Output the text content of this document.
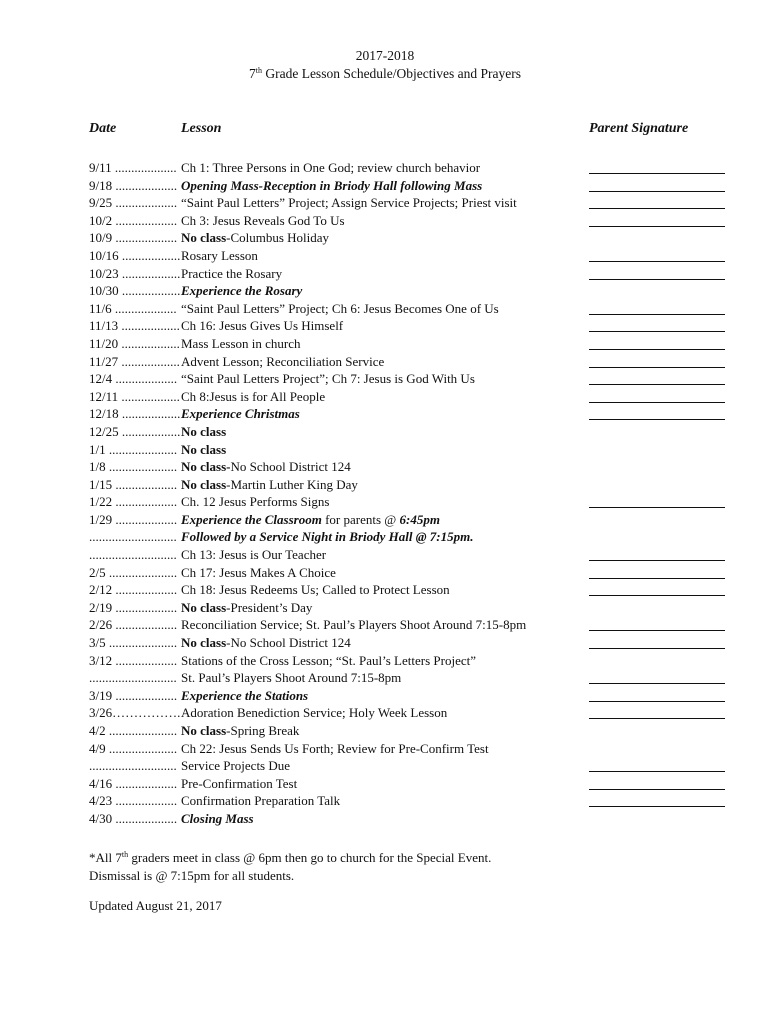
2017-2018
7th Grade Lesson Schedule/Objectives and Prayers
Date	Lesson	Parent Signature
9/11 ................... Ch 1: Three Persons in One God; review church behavior
9/18 ................... Opening Mass-Reception in Briody Hall following Mass
9/25 ................... “Saint Paul Letters” Project; Assign Service Projects; Priest visit
10/2 ................... Ch 3: Jesus Reveals God To Us
10/9 ................... No class-Columbus Holiday
10/16 .................. Rosary Lesson
10/23 .................. Practice the Rosary
10/30 .................. Experience the Rosary
11/6 ................... “Saint Paul Letters” Project; Ch 6: Jesus Becomes One of Us
11/13 .................. Ch 16: Jesus Gives Us Himself
11/20 .................. Mass Lesson in church
11/27 .................. Advent Lesson; Reconciliation Service
12/4 ................... “Saint Paul Letters Project”; Ch 7: Jesus is God With Us
12/11 .................. Ch 8:Jesus is for All People
12/18 .................. Experience Christmas
12/25 .................. No class
1/1 ..................... No class
1/8 ..................... No class-No School District 124
1/15 ................... No class-Martin Luther King Day
1/22 ................... Ch. 12 Jesus Performs Signs
1/29 ................... Experience the Classroom for parents @ 6:45pm
........................... Followed by a Service Night in Briody Hall @ 7:15pm.
........................... Ch 13: Jesus is Our Teacher
2/5 ..................... Ch 17: Jesus Makes A Choice
2/12 ................... Ch 18: Jesus Redeems Us; Called to Protect Lesson
2/19 ................... No class-President’s Day
2/26 ................... Reconciliation Service; St. Paul’s Players Shoot Around 7:15-8pm
3/5 ..................... No class-No School District 124
3/12 ................... Stations of the Cross Lesson; “St. Paul’s Letters Project”
........................... St. Paul’s Players Shoot Around 7:15-8pm
3/19 ................... Experience the Stations
3/26……………. Adoration Benediction Service; Holy Week Lesson
4/2 ..................... No class-Spring Break
4/9 ..................... Ch 22: Jesus Sends Us Forth; Review for Pre-Confirm Test
........................... Service Projects Due
4/16 ................... Pre-Confirmation Test
4/23 ................... Confirmation Preparation Talk
4/30 ................... Closing Mass
*All 7th graders meet in class @ 6pm then go to church for the Special Event.
Dismissal is @ 7:15pm for all students.
Updated August 21, 2017
